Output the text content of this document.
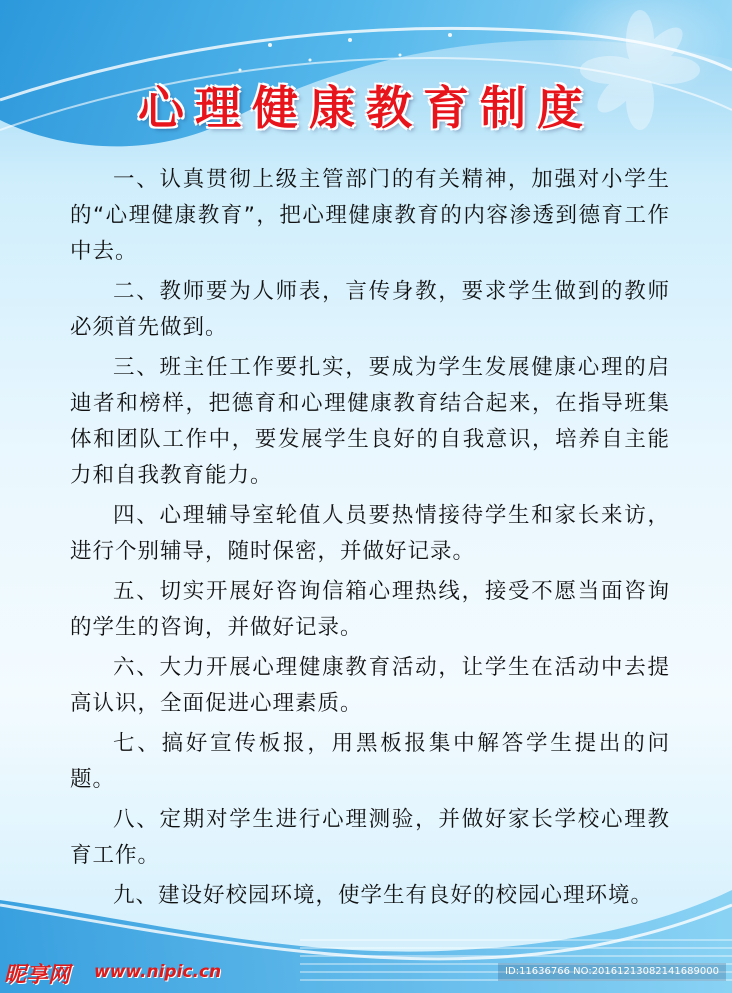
心理健康教育制度

一、认真贯彻上级主管部门的有关精神，加强对小学生的“心理健康教育”，把心理健康教育的内容渗透到德育工作中去。

二、教师要为人师表，言传身教，要求学生做到的教师必须首先做到。

三、班主任工作要扎实，要成为学生发展健康心理的启迪者和榜样，把德育和心理健康教育结合起来，在指导班集体和团队工作中，要发展学生良好的自我意识，培养自主能力和自我教育能力。

四、心理辅导室轮值人员要热情接待学生和家长来访，进行个别辅导，随时保密，并做好记录。

五、切实开展好咨询信箱心理热线，接受不愿当面咨询的学生的咨询，并做好记录。

六、大力开展心理健康教育活动，让学生在活动中去提高认识，全面促进心理素质。

七、搞好宣传板报，用黑板报集中解答学生提出的问题。

八、定期对学生进行心理测验，并做好家长学校心理教育工作。

九、建设好校园环境，使学生有良好的校园心理环境。

昵享网 www.nipic.cn	ID:11636766 NO:20161213082141689000
